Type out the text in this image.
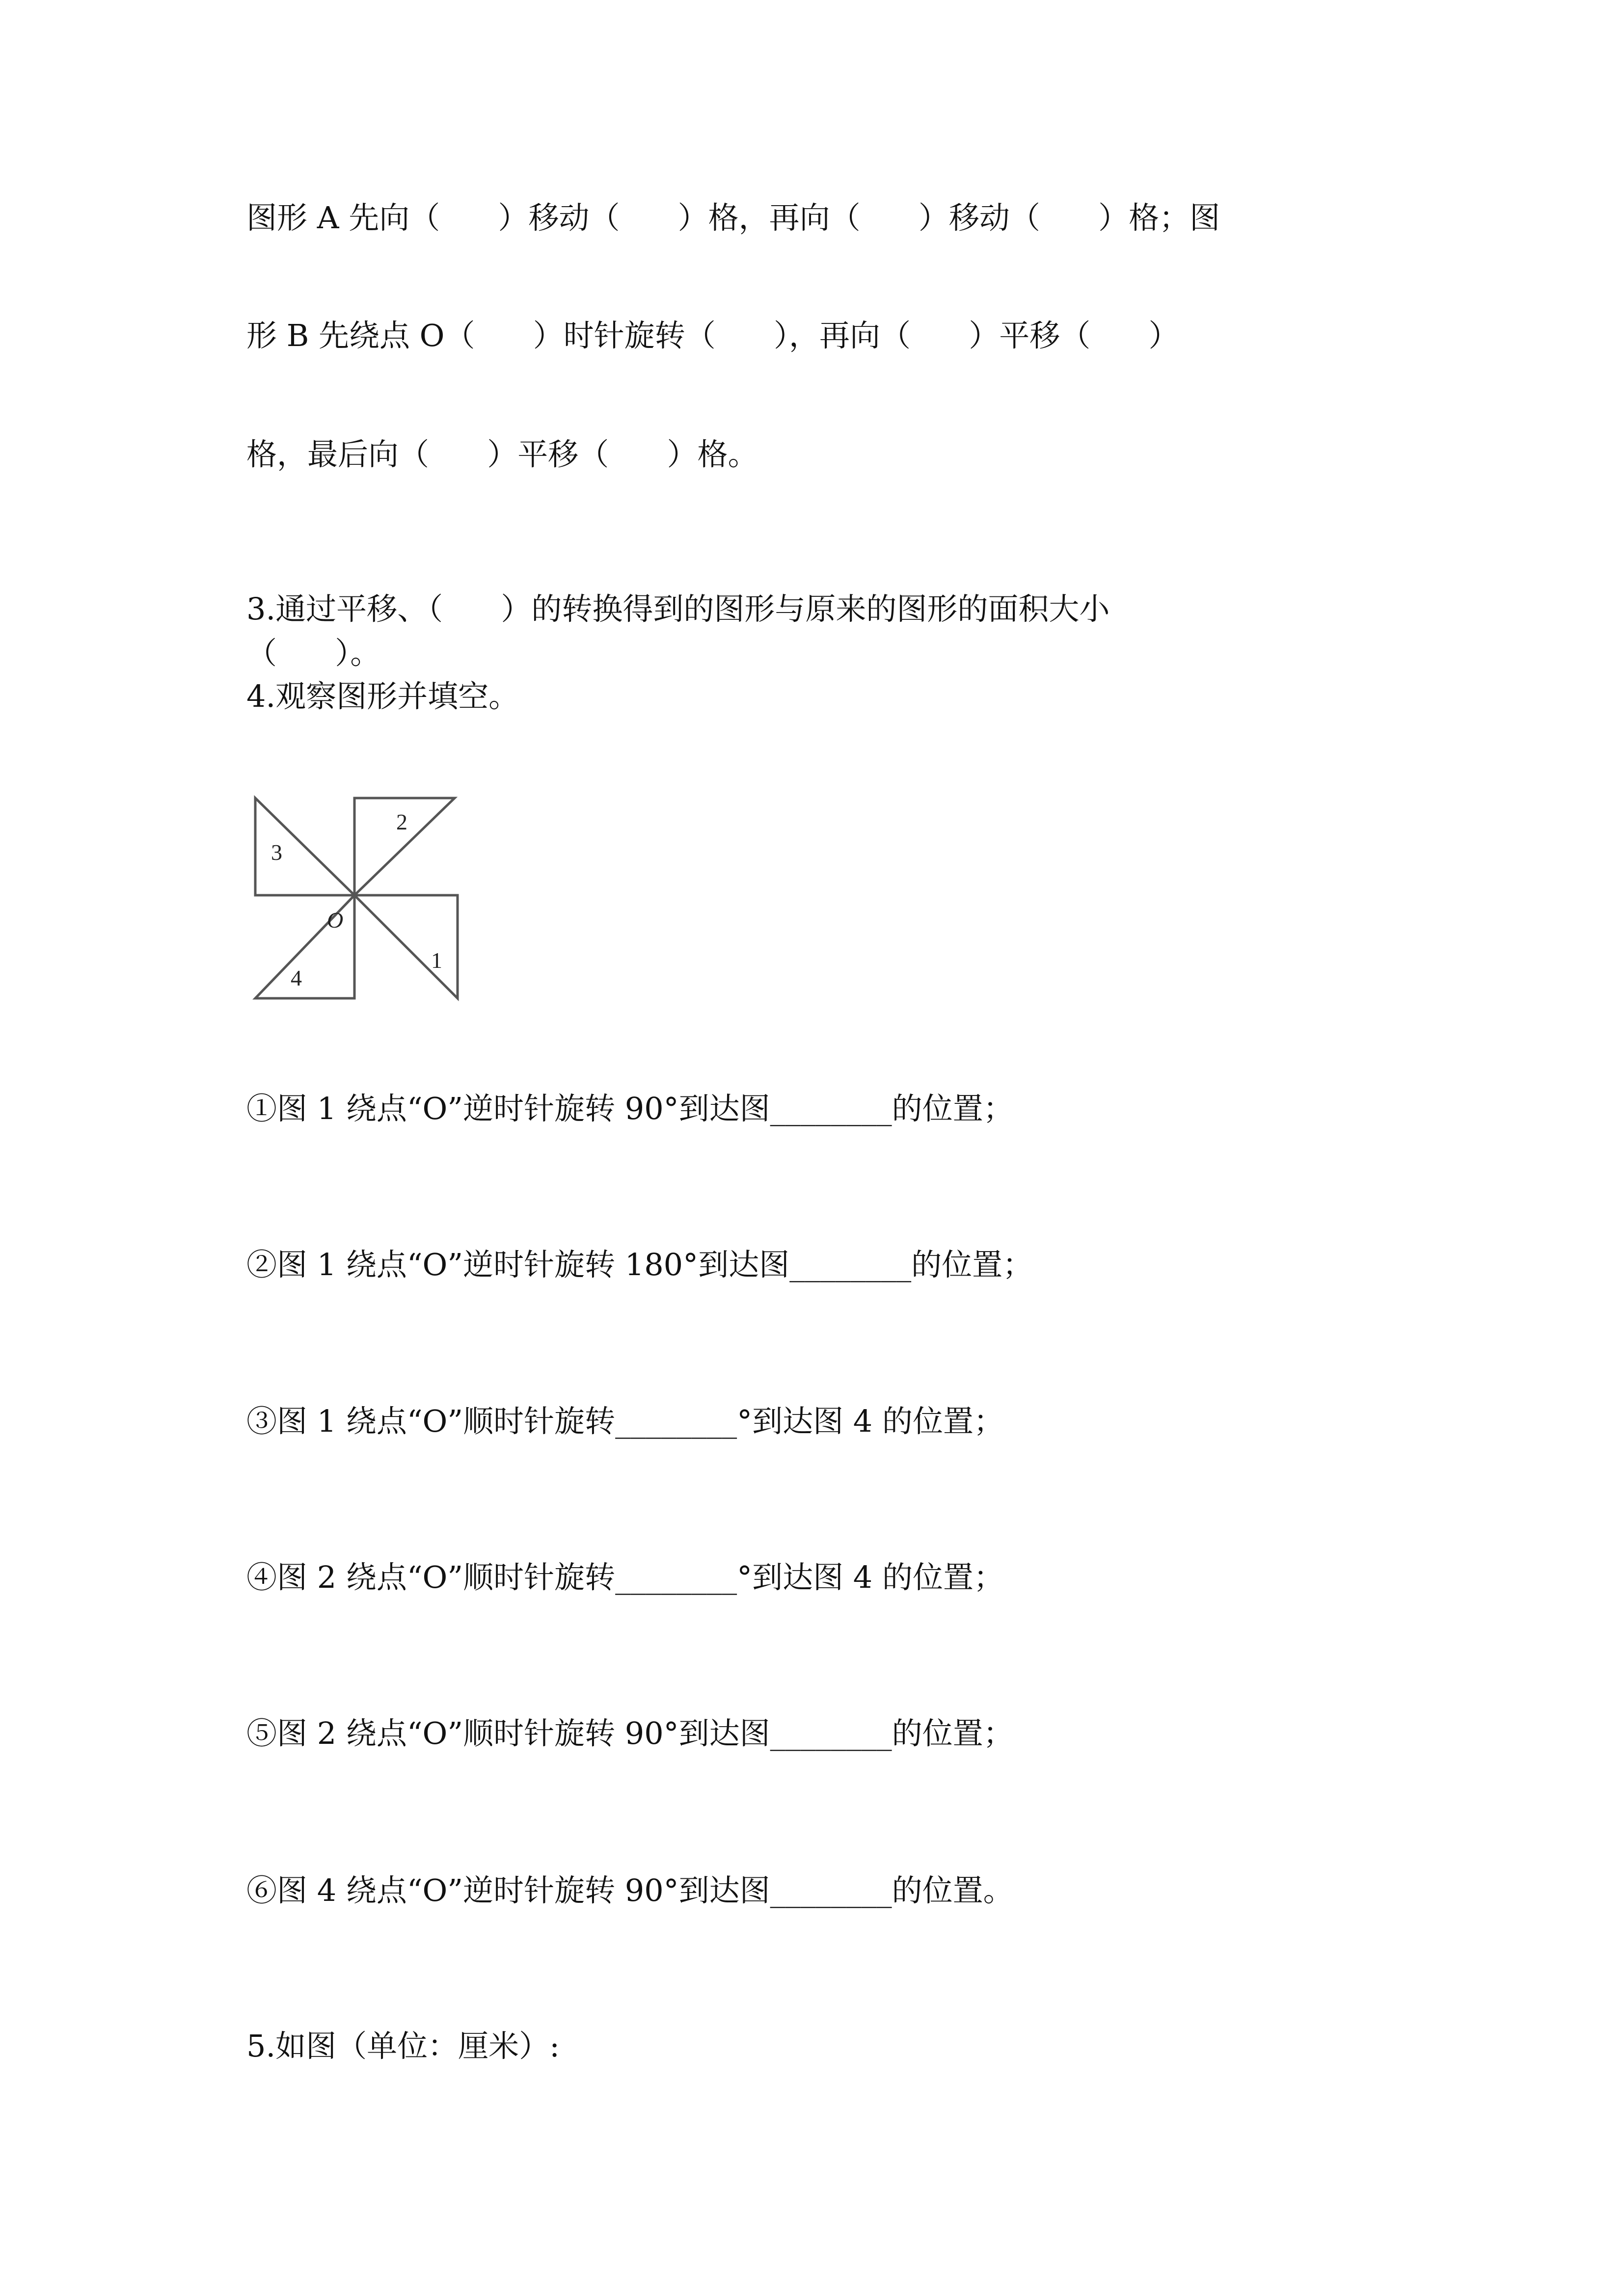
图形 A 先向（      ）移动（      ）格，再向（      ）移动（      ）格；图

形 B 先绕点 O（      ）时针旋转（      ），再向（      ）平移（      ）

格，最后向（      ）平移（      ）格。

3.通过平移、（      ）的转换得到的图形与原来的图形的面积大小

（      ）。

4.观察图形并填空。

2
3
4
1
O

①图 1 绕点“O”逆时针旋转 90°到达图________的位置；

②图 1 绕点“O”逆时针旋转 180°到达图________的位置；

③图 1 绕点“O”顺时针旋转________°到达图 4 的位置；

④图 2 绕点“O”顺时针旋转________°到达图 4 的位置；

⑤图 2 绕点“O”顺时针旋转 90°到达图________的位置；

⑥图 4 绕点“O”逆时针旋转 90°到达图________的位置。

5.如图（单位：厘米）:
